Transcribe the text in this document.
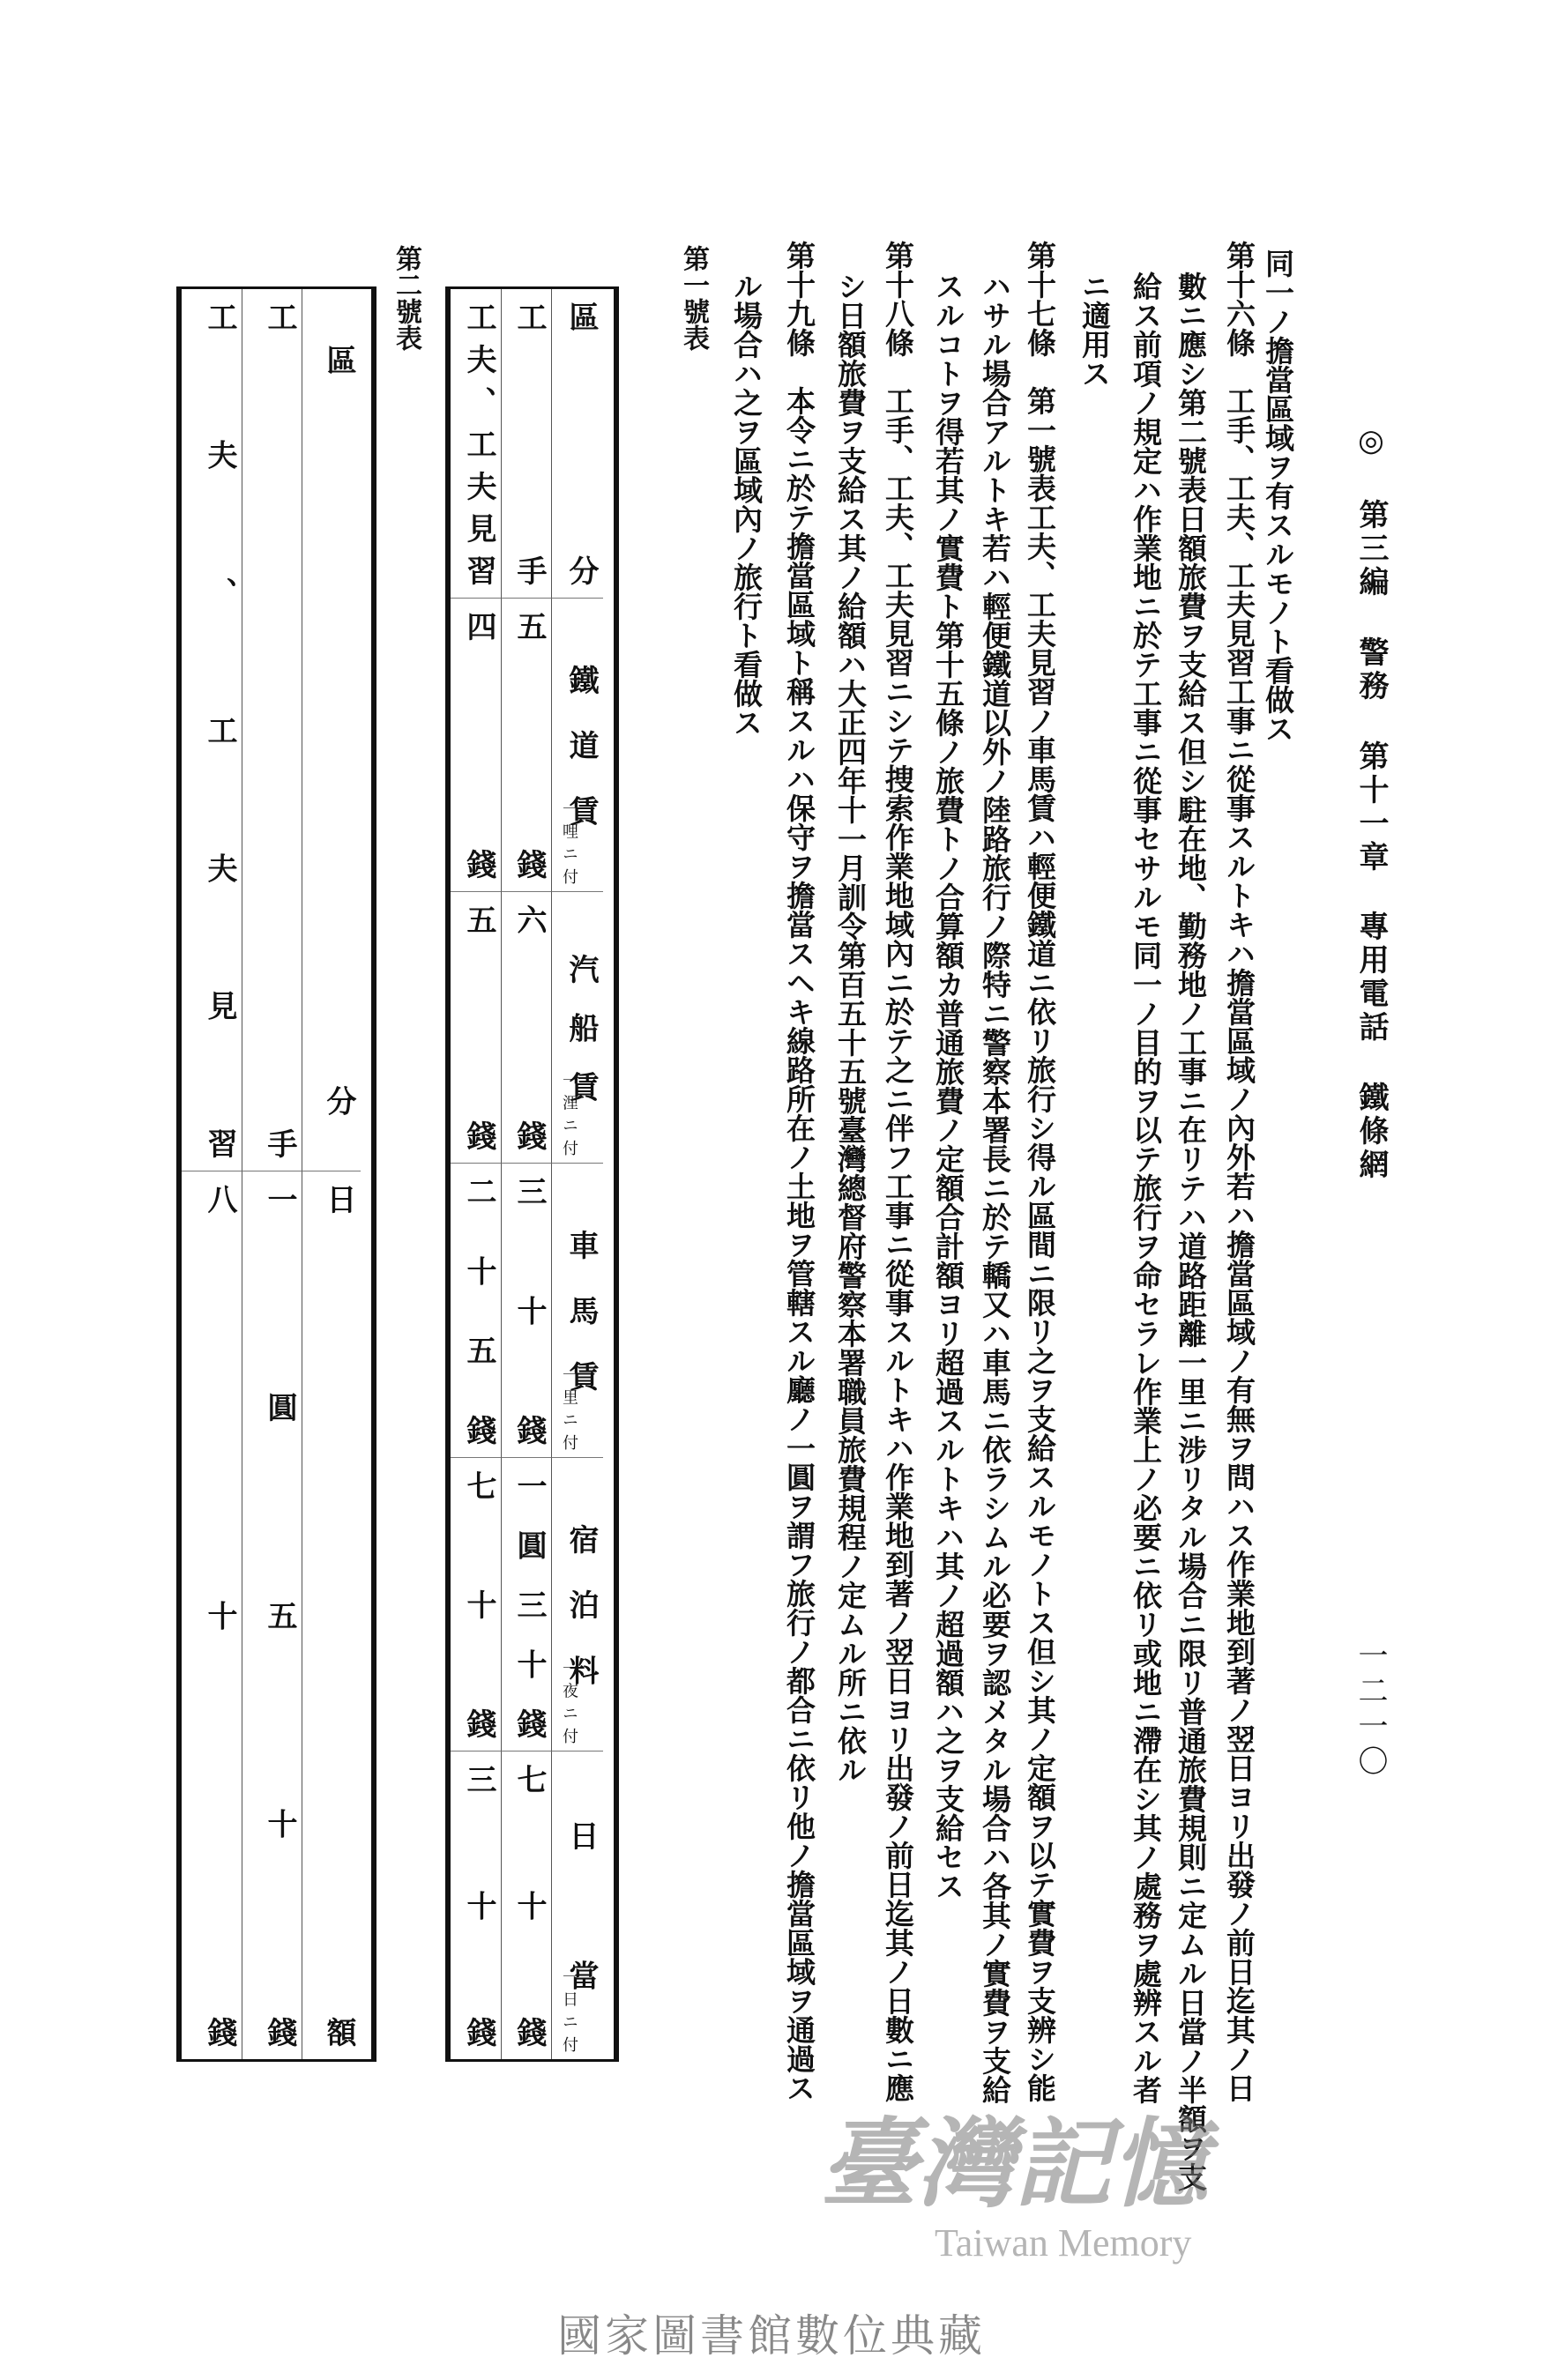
◎ 第三編 警務 第十一章 專用電話 鐵條網
一二一〇
同一ノ擔當區域ヲ有スルモノト看做ス
第十六條　工手、工夫、工夫見習工事ニ從事スルトキハ擔當區域ノ內外若ハ擔當區域ノ有無ヲ問ハス作業地到著ノ翌日ヨリ出發ノ前日迄其ノ日
數ニ應シ第二號表日額旅費ヲ支給ス但シ駐在地、勤務地ノ工事ニ在リテハ道路距離一里ニ涉リタル場合ニ限リ普通旅費規則ニ定ムル日當ノ半額ヲ支
給ス前項ノ規定ハ作業地ニ於テ工事ニ從事セサルモ同一ノ目的ヲ以テ旅行ヲ命セラレ作業上ノ必要ニ依リ或地ニ滯在シ其ノ處務ヲ處辨スル者
ニ適用ス
第十七條　第一號表工夫、工夫見習ノ車馬賃ハ輕便鐵道ニ依リ旅行シ得ル區間ニ限リ之ヲ支給スルモノトス但シ其ノ定額ヲ以テ實費ヲ支辨シ能
ハサル場合アルトキ若ハ輕便鐵道以外ノ陸路旅行ノ際特ニ警察本署長ニ於テ轎又ハ車馬ニ依ラシムル必要ヲ認メタル場合ハ各其ノ實費ヲ支給
スルコトヲ得若其ノ實費ト第十五條ノ旅費トノ合算額カ普通旅費ノ定額合計額ヨリ超過スルトキハ其ノ超過額ハ之ヲ支給セス
第十八條　工手、工夫、工夫見習ニシテ捜索作業地域內ニ於テ之ニ伴フ工事ニ從事スルトキハ作業地到著ノ翌日ヨリ出發ノ前日迄其ノ日數ニ應
シ日額旅費ヲ支給ス其ノ給額ハ大正四年十一月訓令第百五十五號臺灣總督府警察本署職員旅費規程ノ定ムル所ニ依ル
第十九條　本令ニ於テ擔當區域ト稱スルハ保守ヲ擔當スヘキ線路所在ノ土地ヲ管轄スル廳ノ一圓ヲ謂フ旅行ノ都合ニ依リ他ノ擔當區域ヲ通過ス
ル場合ハ之ヲ區域內ノ旅行ト看做ス
第一號表
工夫、工夫見習 工手 區分
四錢 五錢 鐵道賃
一哩ニ付
五錢 六錢 汽船賃
一浬ニ付
二十五錢 三十錢 車馬賃
一里ニ付
七十錢 一圓三十錢 宿泊料
一夜ニ付
三十錢 七十錢 日當
一日ニ付
第二號表
工夫、工夫見習 工手 區分
八十錢 一圓五十錢 日額
臺灣記憶
Taiwan Memory
國家圖書館數位典藏
